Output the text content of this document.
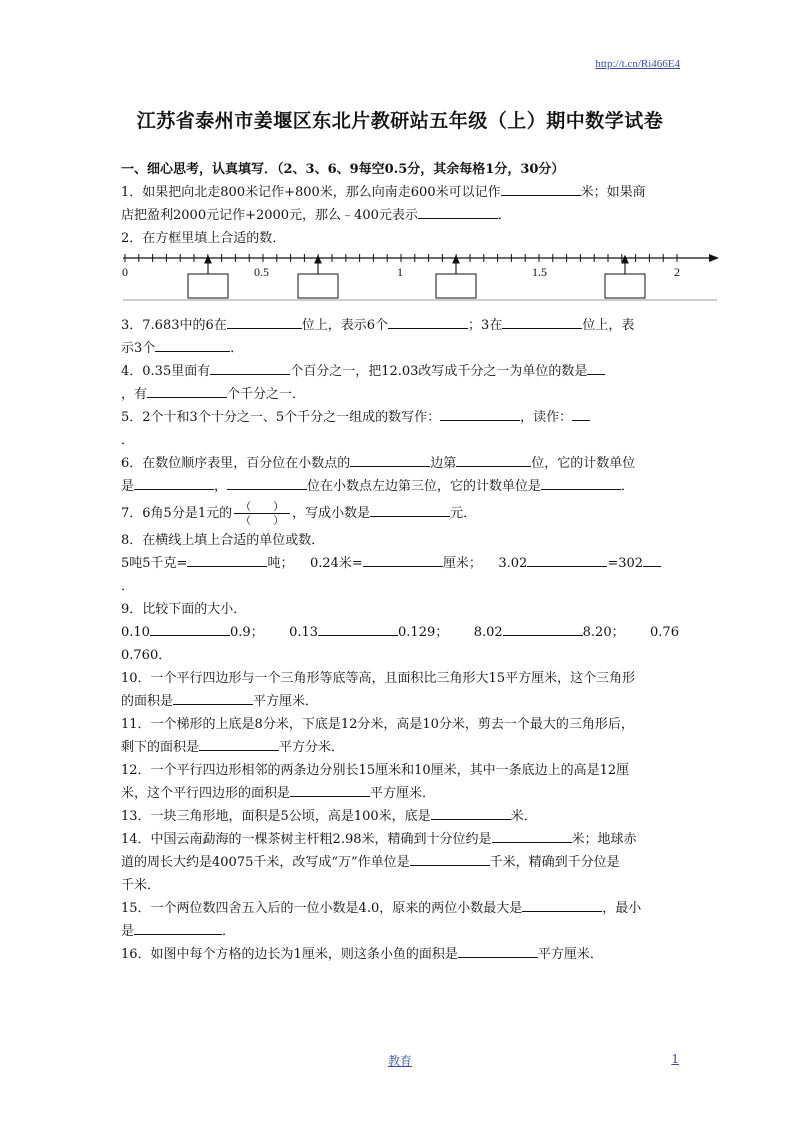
http://t.cn/Ri466E4
江苏省泰州市姜堰区东北片教研站五年级（上）期中数学试卷

一、细心思考，认真填写．（2、3、6、9每空0.5分，其余每格1分，30分）

1．如果把向北走800米记作+800米，那么向南走600米可以记作	米；如果商

店把盈利2000元记作+2000元，那么﹣400元表示	．

2．在方框里填上合适的数．

0	0.5	1	1.5	2

3．7.683中的6在	位上，表示6个	；3在	位上，表

示3个	．

4．0.35里面有	个百分之一，把12.03改写成千分之一为单位的数是

，有	个千分之一．

5．2个十和3个十分之一、5个千分之一组成的数写作：	，读作：

．

6．在数位顺序表里，百分位在小数点的	边第	位，它的计数单位

是	，	位在小数点左边第三位，它的计数单位是	．

7．6角5分是1元的 $\frac{( )}{( )}$ ，写成小数是	元．

8．在横线上填上合适的单位或数．

5吨5千克=	吨； 0.24米=	厘米； 3.02	=302

．

9．比较下面的大小．

0.10	0.9； 0.13	0.129； 8.02	8.20； 0.76

0.760．

10．一个平行四边形与一个三角形等底等高，且面积比三角形大15平方厘米，这个三角形

的面积是	平方厘米．

11．一个梯形的上底是8分米，下底是12分米，高是10分米，剪去一个最大的三角形后，

剩下的面积是	平方分米．

12．一个平行四边形相邻的两条边分别长15厘米和10厘米，其中一条底边上的高是12厘

米，这个平行四边形的面积是	平方厘米．

13．一块三角形地，面积是5公顷，高是100米，底是	米．

14．中国云南勐海的一棵茶树主杆粗2.98米，精确到十分位约是	米；地球赤

道的周长大约是40075千米，改写成“万”作单位是	千米，精确到千分位是

千米．

15．一个两位数四舍五入后的一位小数是4.0，原来的两位小数最大是	，最小

是	．

16．如图中每个方格的边长为1厘米，则这条小鱼的面积是	平方厘米．

教育	1
